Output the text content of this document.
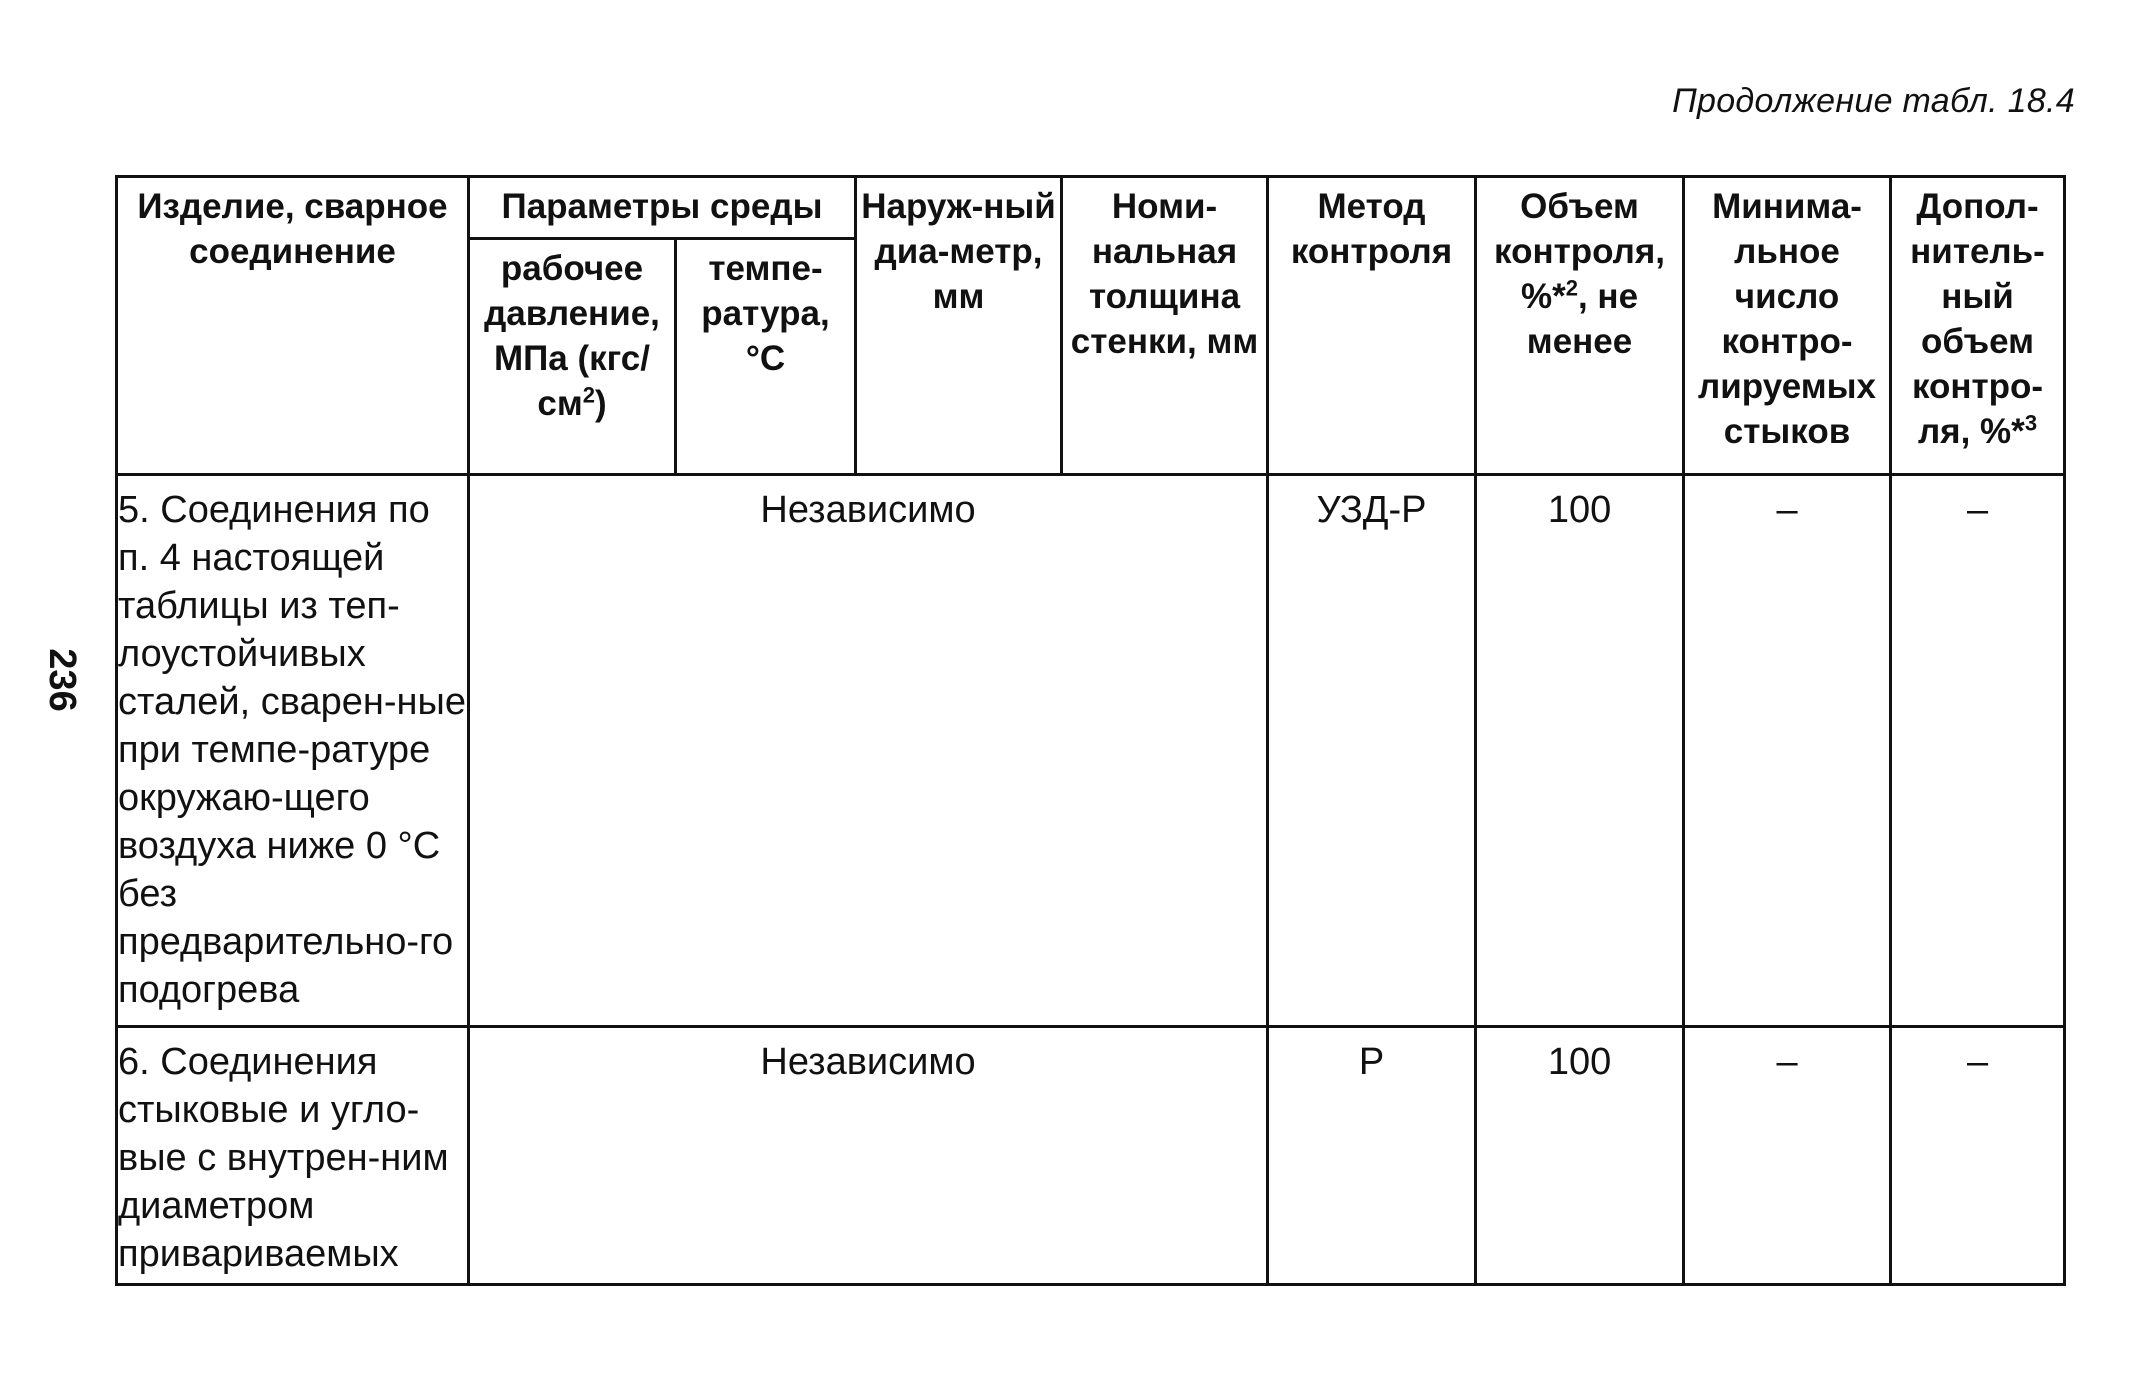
Продолжение табл. 18.4
236
Изделие, сварное соединение	Параметры среды		Наруж-ный диа-метр, мм	Номи-нальная толщина стенки, мм	Метод контроля	Объем контроля, %*$^2$, не менее	Минима-льное число контро-лируемых стыков	Допол-нитель-ный объем контро-ля, %*$^3$
	рабочее давление, МПа $(кгс/см^2)$	темпе-ратура, °С						
5. Соединения по п. 4 настоящей таблицы из теп-лоустойчивых сталей, сварен-ные при темпе-ратуре окружаю-щего воздуха ниже 0 °С без предварительно-го подогрева	Независимо				УЗД-Р	100	–	–
6. Соединения стыковые и угло-вые с внутрен-ним диаметром привариваемых	Независимо				Р	100	–	–
